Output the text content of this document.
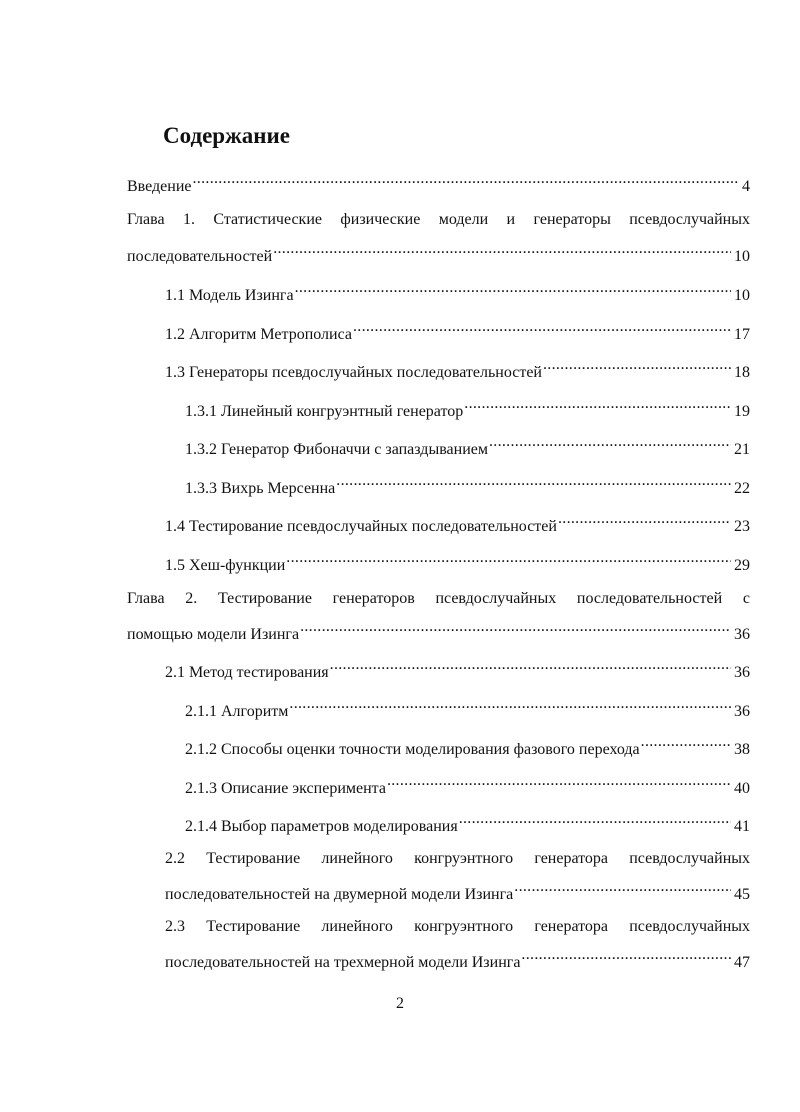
Содержание
Введение .....	4
Глава 1. Статистические физические модели и генераторы псевдослучайных
последовательностей .....	10
1.1 Модель Изинга .....	10
1.2 Алгоритм Метрополиса .....	17
1.3 Генераторы псевдослучайных последовательностей .....	18
1.3.1 Линейный конгруэнтный генератор .....	19
1.3.2 Генератор Фибоначчи с запаздыванием .....	21
1.3.3 Вихрь Мерсенна .....	22
1.4 Тестирование псевдослучайных последовательностей .....	23
1.5 Хеш-функции .....	29
Глава 2. Тестирование генераторов псевдослучайных последовательностей с
помощью модели Изинга .....	36
2.1 Метод тестирования .....	36
2.1.1 Алгоритм .....	36
2.1.2 Способы оценки точности моделирования фазового перехода .....	38
2.1.3 Описание эксперимента .....	40
2.1.4 Выбор параметров моделирования .....	41
2.2 Тестирование линейного конгруэнтного генератора псевдослучайных
последовательностей на двумерной модели Изинга .....	45
2.3 Тестирование линейного конгруэнтного генератора псевдослучайных
последовательностей на трехмерной модели Изинга .....	47
2
